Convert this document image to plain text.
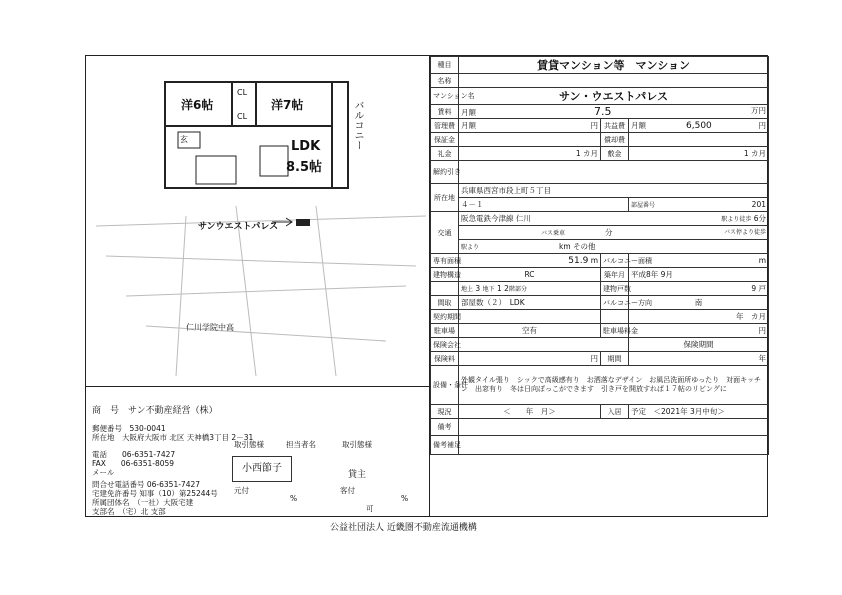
洋6帖	洋7帖
CL
CL
玄	LDK
8.5帖
バルコニー
サンウエストパレス
仁川学院中高
商　号　 サン不動産経営（株）
郵便番号　 530-0041
所在地　 大阪府大阪市 北区 天神橋3丁目 2－31
電話　　 06-6351-7427
FAX　　 06-6351-8059
メール
問合せ電話番号 06-6351-7427
宅建免許番号 知事（10）第25244号
所属団体名　 （一社）大阪宅建
支部名　 （宅）北 支部
取引態様	担当者名	取引態様
貸主
元付	客付
%	%
可
小西節子
種目	賃貸マンション等　マンション		
名称			
マンション名	サン・ウエストパレス		
賃料	月額 7.5 万円		

管理費	月額 円	共益費	月額 6,500 円

保証金		償却費	
礼金	1 カ月	敷金	1 カ月
解約引き			
所在地	兵庫県西宮市段上町５丁目		
	４－１		部屋番号 201

交通	阪急電鉄今津線 仁川 駅より徒歩 6分		

	バス乗車 分 バス停より徒歩		

	駅より km その他		
専有面積	51.9 m	バルコニー面積	m
建物構造	RC	築年月	平成8年 9月
　	地上 3 地下 1 2階部分	建物戸数	9 戸
間取	部屋数（２）　LDK	バルコニー方向	南
契約期間		　	年　カ月
駐車場	空有	駐車場料金	円
保険会社			保険期間
保険料	円	期間	年
設備・条件	外観タイル張り　シックで高級感有り　お洒落なデザイン　お風呂洗面所ゆったり　対面キッチン　出窓有り　冬は日向ぼっこができます　引き戸を開放すれば１７帖のリビングに		
現況	＜　　年　月＞	入居	予定　＜2021年 3月中旬＞
備考			
備考補足			
公益社団法人 近畿圏不動産流通機構
